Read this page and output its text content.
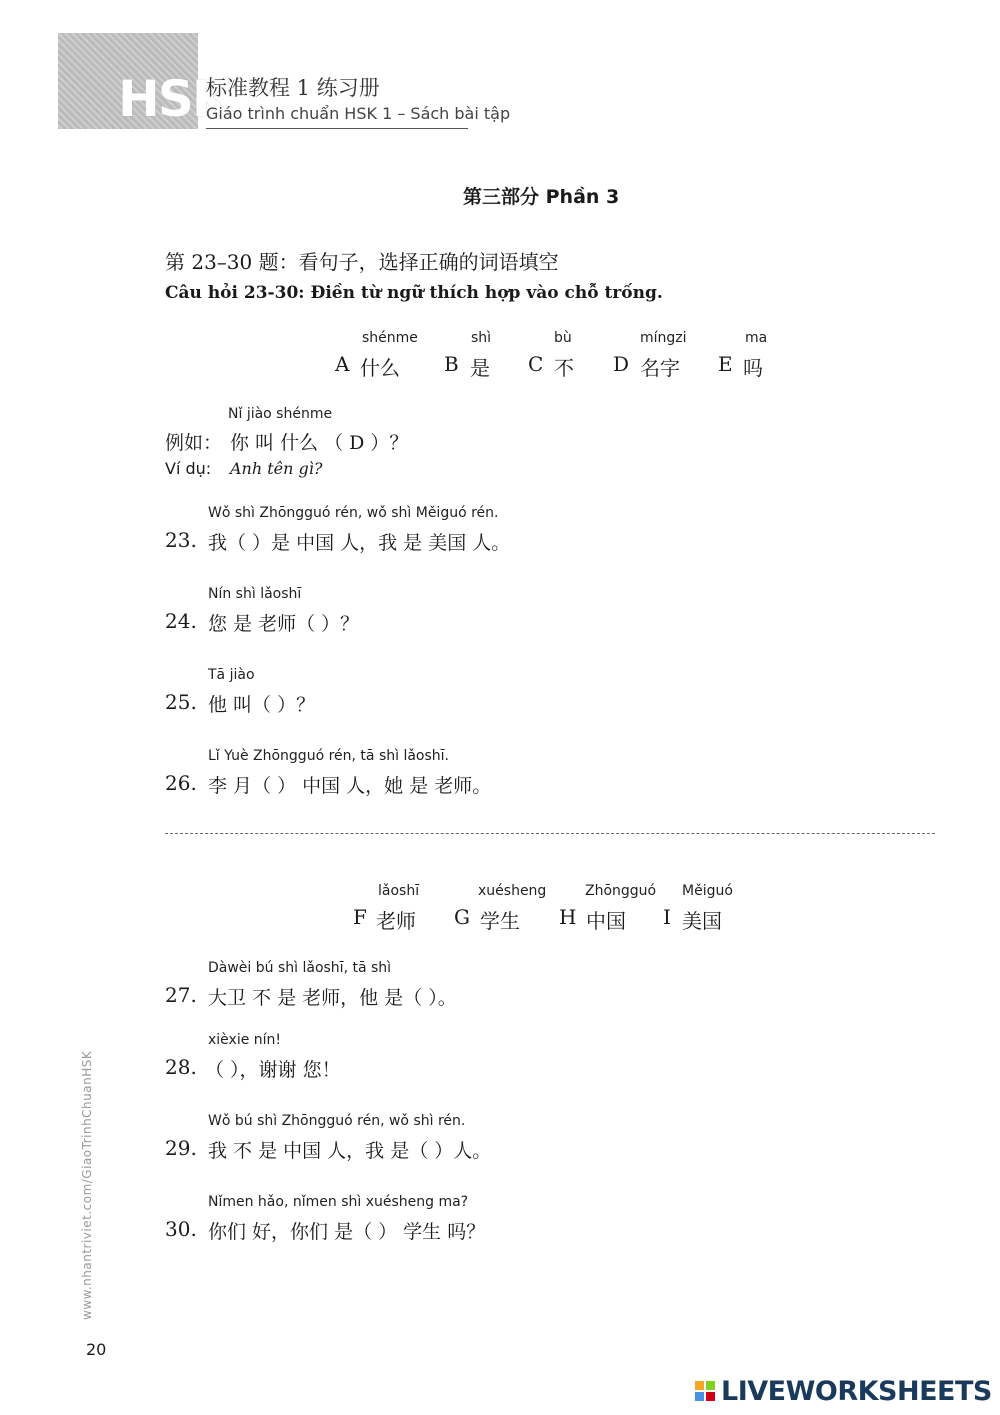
HSK
标准教程 1 练习册
Giáo trình chuẩn HSK 1 – Sách bài tập
第三部分 Phần 3
第 23–30 题：看句子，选择正确的词语填空
Câu hỏi 23-30: Điền từ ngữ thích hợp vào chỗ trống.
shénme
A 什么
shì
B 是
bù
C 不
míngzi
D 名字
ma
E 吗
Nǐ jiào shénme
例如： 你 叫 什么 （ D ）？
Ví dụ: Anh tên gì?
Wǒ shì Zhōngguó rén, wǒ shì Měiguó rén.
23. 我（ ）是 中国 人，我 是 美国 人。
Nín shì lǎoshī
24. 您 是 老师（ ）？
Tā jiào
25. 他 叫（ ）？
Lǐ Yuè Zhōngguó rén, tā shì lǎoshī.
26. 李 月（ ） 中国 人，她 是 老师。
lǎoshī
F 老师
xuésheng
G 学生
Zhōngguó
H 中国
Měiguó
I 美国
Dàwèi bú shì lǎoshī, tā shì
27. 大卫 不 是 老师，他 是（ ）。
xièxie nín!
28. （ ），谢谢 您！
Wǒ bú shì Zhōngguó rén, wǒ shì rén.
29. 我 不 是 中国 人，我 是（ ）人。
Nǐmen hǎo, nǐmen shì xuésheng ma?
30. 你们 好，你们 是（ ） 学生 吗？
www.nhantriviet.com/GiaoTrinhChuanHSK
20
LIVEWORKSHEETS
